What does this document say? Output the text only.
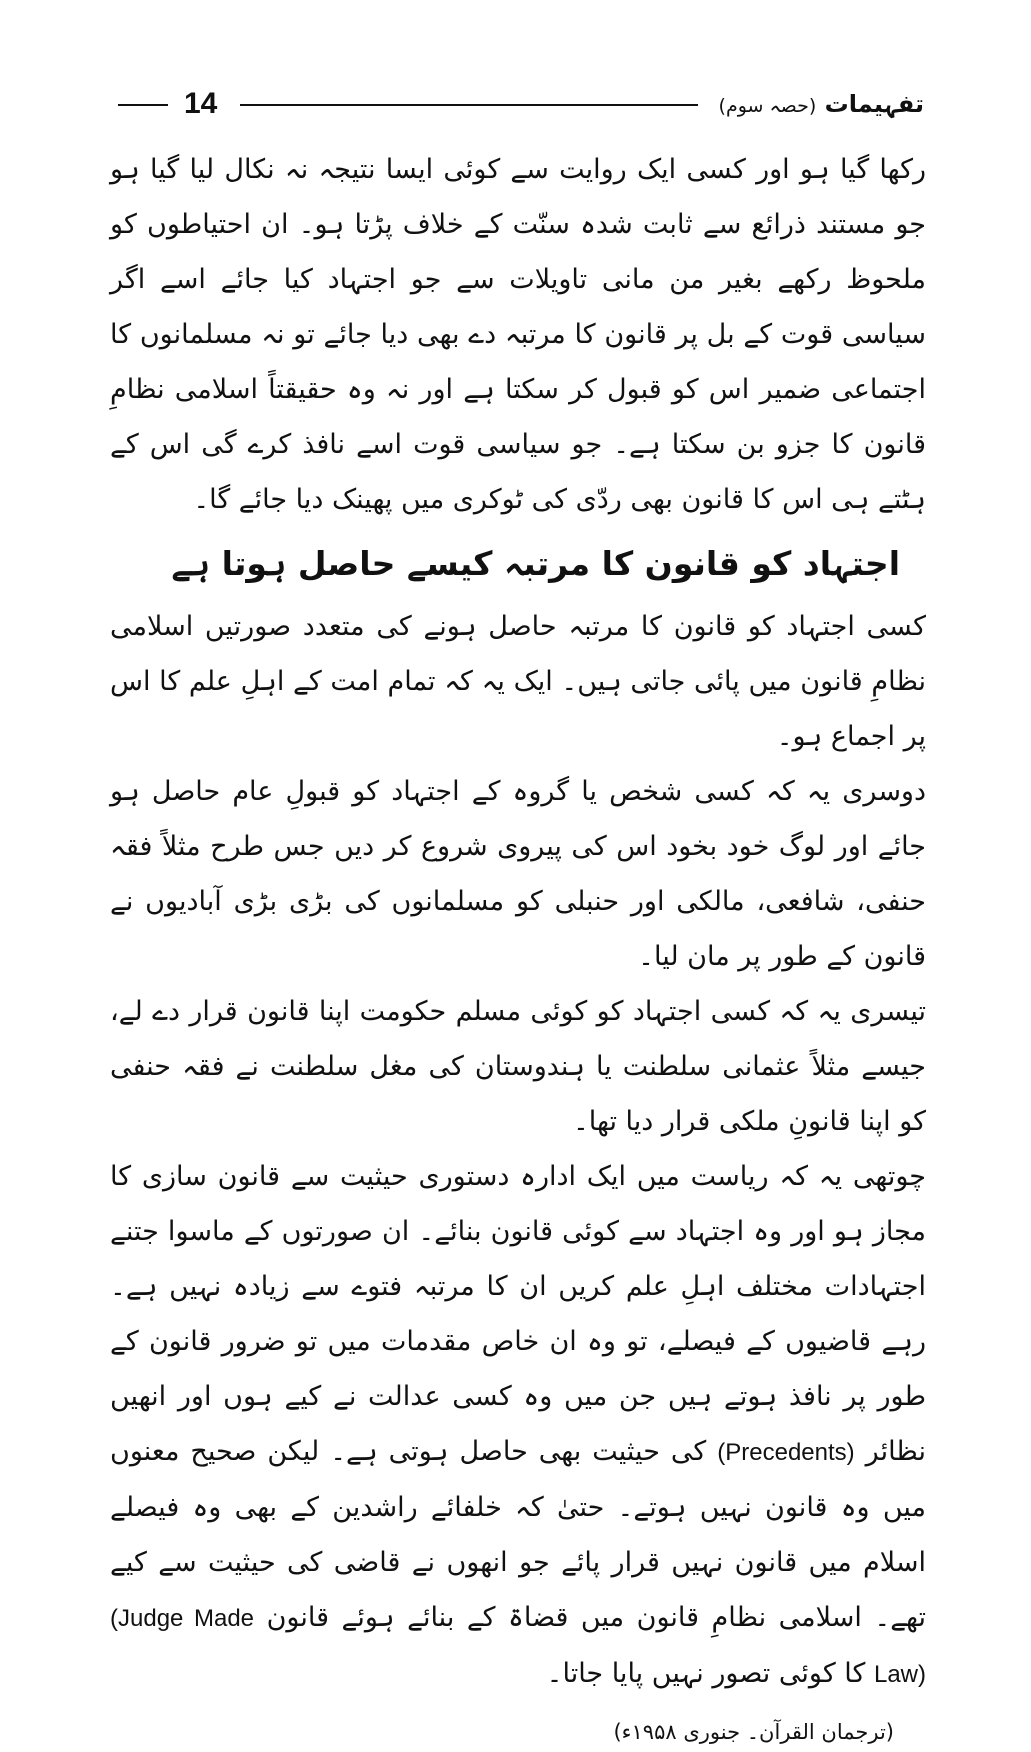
14	تفہیمات (حصہ سوم)

رکھا گیا ہو اور کسی ایک روایت سے کوئی ایسا نتیجہ نہ نکال لیا گیا ہو جو مستند ذرائع سے ثابت شدہ سنّت کے خلاف پڑتا ہو۔ ان احتیاطوں کو ملحوظ رکھے بغیر من مانی تاویلات سے جو اجتہاد کیا جائے اسے اگر سیاسی قوت کے بل پر قانون کا مرتبہ دے بھی دیا جائے تو نہ مسلمانوں کا اجتماعی ضمیر اس کو قبول کر سکتا ہے اور نہ وہ حقیقتاً اسلامی نظامِ قانون کا جزو بن سکتا ہے۔ جو سیاسی قوت اسے نافذ کرے گی اس کے ہٹتے ہی اس کا قانون بھی ردّی کی ٹوکری میں پھینک دیا جائے گا۔

اجتہاد کو قانون کا مرتبہ کیسے حاصل ہوتا ہے

کسی اجتہاد کو قانون کا مرتبہ حاصل ہونے کی متعدد صورتیں اسلامی نظامِ قانون میں پائی جاتی ہیں۔ ایک یہ کہ تمام امت کے اہلِ علم کا اس پر اجماع ہو۔

دوسری یہ کہ کسی شخص یا گروہ کے اجتہاد کو قبولِ عام حاصل ہو جائے اور لوگ خود بخود اس کی پیروی شروع کر دیں جس طرح مثلاً فقہ حنفی، شافعی، مالکی اور حنبلی کو مسلمانوں کی بڑی بڑی آبادیوں نے قانون کے طور پر مان لیا۔

تیسری یہ کہ کسی اجتہاد کو کوئی مسلم حکومت اپنا قانون قرار دے لے، جیسے مثلاً عثمانی سلطنت یا ہندوستان کی مغل سلطنت نے فقہ حنفی کو اپنا قانونِ ملکی قرار دیا تھا۔

چوتھی یہ کہ ریاست میں ایک ادارہ دستوری حیثیت سے قانون سازی کا مجاز ہو اور وہ اجتہاد سے کوئی قانون بنائے۔ ان صورتوں کے ماسوا جتنے اجتہادات مختلف اہلِ علم کریں ان کا مرتبہ فتوے سے زیادہ نہیں ہے۔ رہے قاضیوں کے فیصلے، تو وہ ان خاص مقدمات میں تو ضرور قانون کے طور پر نافذ ہوتے ہیں جن میں وہ کسی عدالت نے کیے ہوں اور انھیں نظائر (Precedents) کی حیثیت بھی حاصل ہوتی ہے۔ لیکن صحیح معنوں میں وہ قانون نہیں ہوتے۔ حتیٰ کہ خلفائے راشدین کے بھی وہ فیصلے اسلام میں قانون نہیں قرار پائے جو انھوں نے قاضی کی حیثیت سے کیے تھے۔ اسلامی نظامِ قانون میں قضاۃ کے بنائے ہوئے قانون (Judge Made Law) کا کوئی تصور نہیں پایا جاتا۔

(ترجمان القرآن۔ جنوری ۱۹۵۸ء)
